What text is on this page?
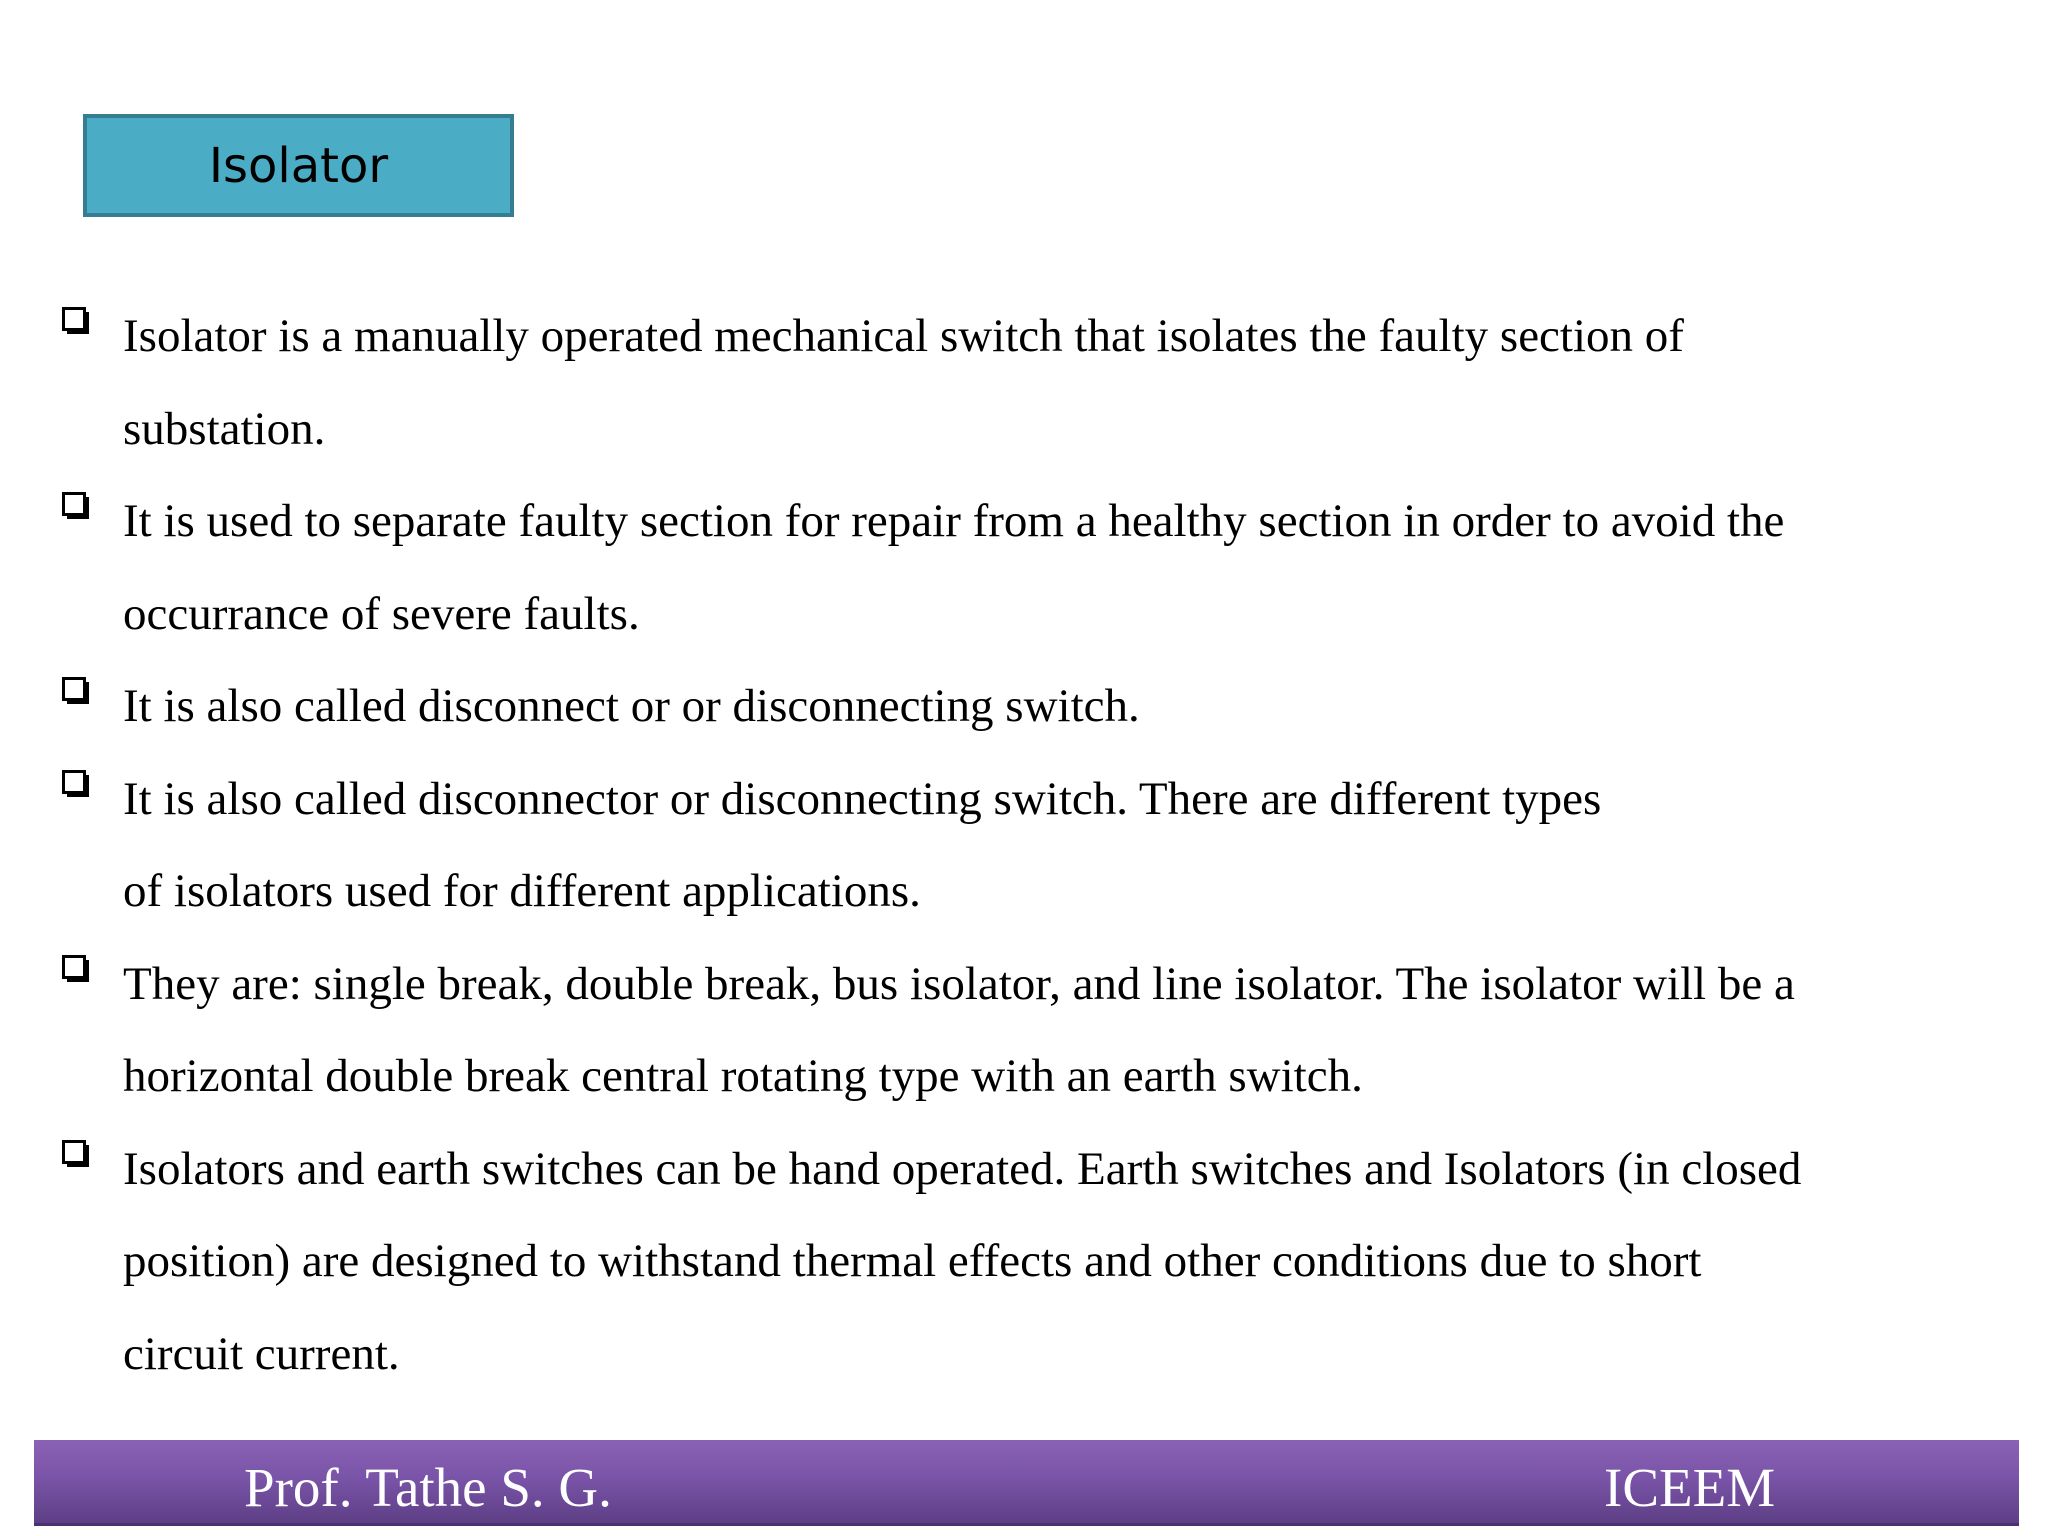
Isolator
Isolator is a manually operated mechanical switch that isolates the faulty section of
substation.
It is used to separate faulty section for repair from a healthy section in order to avoid the
occurrance of severe faults.
It is also called disconnect or or disconnecting switch.
It is also called disconnector or disconnecting switch. There are different types
of isolators used for different applications.
They are: single break, double break, bus isolator, and line isolator. The isolator will be a
horizontal double break central rotating type with an earth switch.
Isolators and earth switches can be hand operated. Earth switches and Isolators (in closed
position) are designed to withstand thermal effects and other conditions due to short
circuit current.
Prof. Tathe S. G.	ICEEM
